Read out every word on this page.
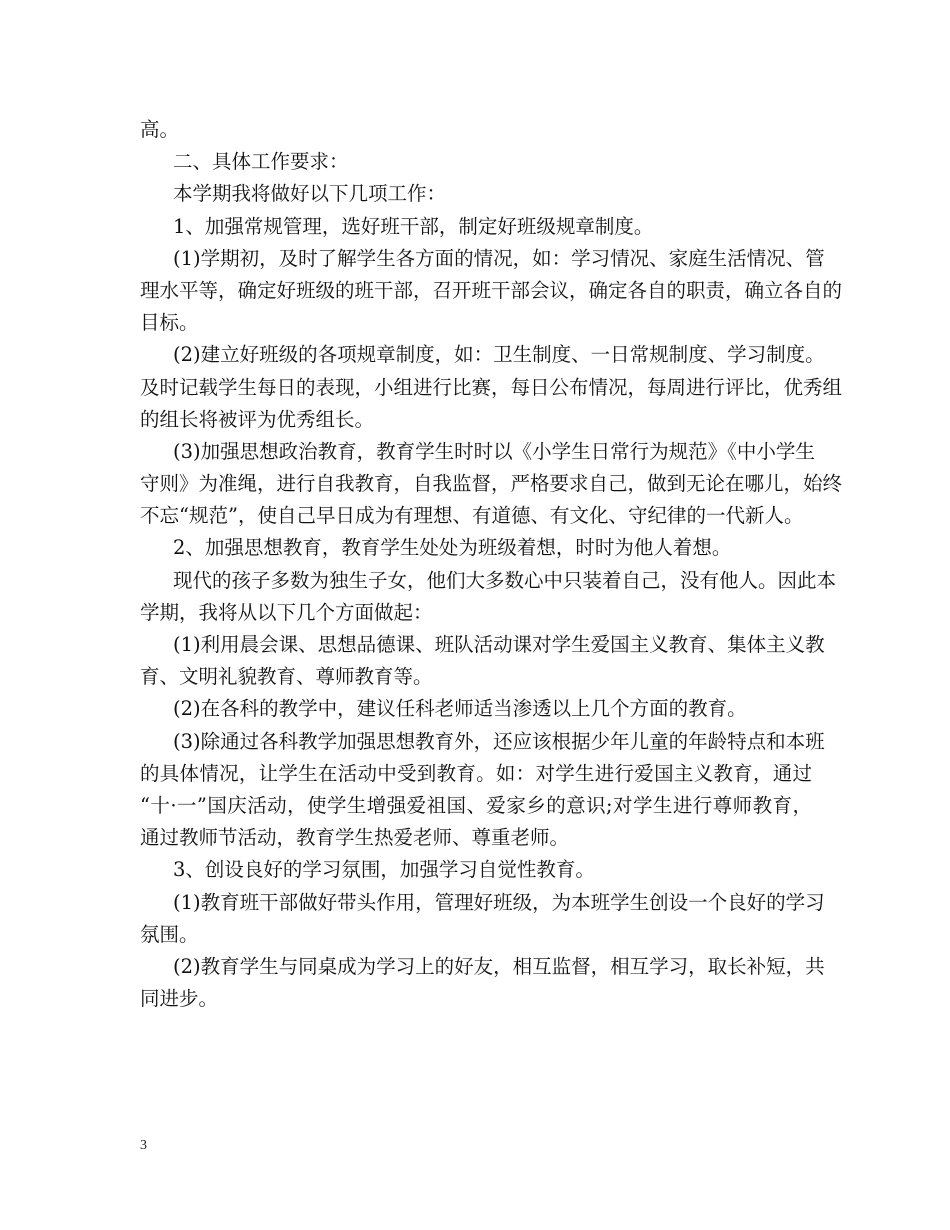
高。
二、具体工作要求：
本学期我将做好以下几项工作：
1、加强常规管理，选好班干部，制定好班级规章制度。
(1)学期初，及时了解学生各方面的情况，如：学习情况、家庭生活情况、管
理水平等，确定好班级的班干部，召开班干部会议，确定各自的职责，确立各自的
目标。
(2)建立好班级的各项规章制度，如：卫生制度、一日常规制度、学习制度。
及时记载学生每日的表现，小组进行比赛，每日公布情况，每周进行评比，优秀组
的组长将被评为优秀组长。
(3)加强思想政治教育，教育学生时时以《小学生日常行为规范》《中小学生
守则》为准绳，进行自我教育，自我监督，严格要求自己，做到无论在哪儿，始终
不忘“规范”，使自己早日成为有理想、有道德、有文化、守纪律的一代新人。
2、加强思想教育，教育学生处处为班级着想，时时为他人着想。
现代的孩子多数为独生子女，他们大多数心中只装着自己，没有他人。因此本
学期，我将从以下几个方面做起：
(1)利用晨会课、思想品德课、班队活动课对学生爱国主义教育、集体主义教
育、文明礼貌教育、尊师教育等。
(2)在各科的教学中，建议任科老师适当渗透以上几个方面的教育。
(3)除通过各科教学加强思想教育外，还应该根据少年儿童的年龄特点和本班
的具体情况，让学生在活动中受到教育。如：对学生进行爱国主义教育，通过
“十·一”国庆活动，使学生增强爱祖国、爱家乡的意识;对学生进行尊师教育，
通过教师节活动，教育学生热爱老师、尊重老师。
3、创设良好的学习氛围，加强学习自觉性教育。
(1)教育班干部做好带头作用，管理好班级，为本班学生创设一个良好的学习
氛围。
(2)教育学生与同桌成为学习上的好友，相互监督，相互学习，取长补短，共
同进步。
3
